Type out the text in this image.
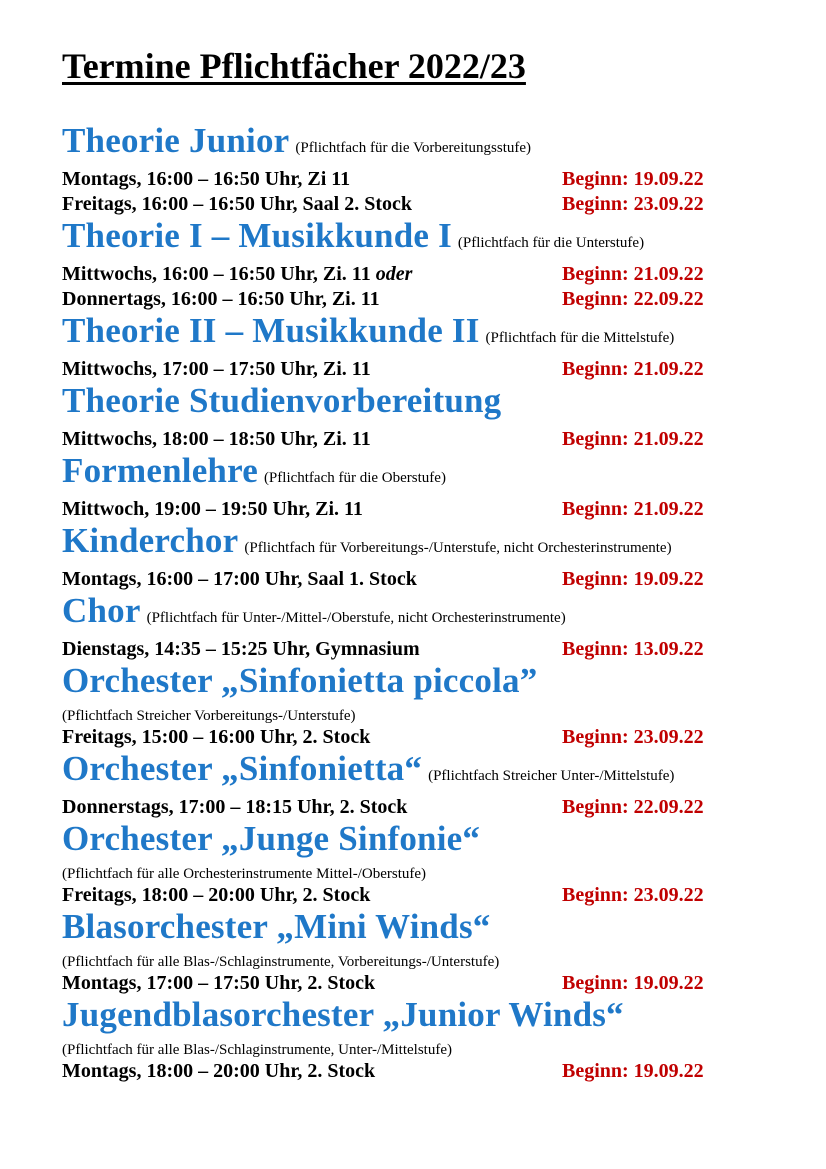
Termine Pflichtfächer 2022/23
Theorie Junior (Pflichtfach für die Vorbereitungsstufe)
Montags, 16:00 – 16:50 Uhr, Zi 11	Beginn: 19.09.22
Freitags, 16:00 – 16:50 Uhr, Saal 2. Stock	Beginn: 23.09.22
Theorie I – Musikkunde I (Pflichtfach für die Unterstufe)
Mittwochs, 16:00 – 16:50 Uhr, Zi. 11 oder	Beginn: 21.09.22
Donnertags, 16:00 – 16:50 Uhr, Zi. 11	Beginn: 22.09.22
Theorie II – Musikkunde II (Pflichtfach für die Mittelstufe)
Mittwochs, 17:00 – 17:50 Uhr, Zi. 11	Beginn: 21.09.22
Theorie Studienvorbereitung
Mittwochs, 18:00 – 18:50 Uhr, Zi. 11	Beginn: 21.09.22
Formenlehre (Pflichtfach für die Oberstufe)
Mittwoch, 19:00 – 19:50 Uhr, Zi. 11	Beginn: 21.09.22
Kinderchor (Pflichtfach für Vorbereitungs-/Unterstufe, nicht Orchesterinstrumente)
Montags, 16:00 – 17:00 Uhr, Saal 1. Stock	Beginn: 19.09.22
Chor (Pflichtfach für Unter-/Mittel-/Oberstufe, nicht Orchesterinstrumente)
Dienstags, 14:35 – 15:25 Uhr, Gymnasium	Beginn: 13.09.22
Orchester „Sinfonietta piccola”
(Pflichtfach Streicher Vorbereitungs-/Unterstufe)
Freitags, 15:00 – 16:00 Uhr, 2. Stock	Beginn: 23.09.22
Orchester „Sinfonietta“ (Pflichtfach Streicher Unter-/Mittelstufe)
Donnerstags, 17:00 – 18:15 Uhr, 2. Stock	Beginn: 22.09.22
Orchester „Junge Sinfonie“
(Pflichtfach für alle Orchesterinstrumente Mittel-/Oberstufe)
Freitags, 18:00 – 20:00 Uhr, 2. Stock	Beginn: 23.09.22
Blasorchester „Mini Winds“
(Pflichtfach für alle Blas-/Schlaginstrumente, Vorbereitungs-/Unterstufe)
Montags, 17:00 – 17:50 Uhr, 2. Stock	Beginn: 19.09.22
Jugendblasorchester „Junior Winds“
(Pflichtfach für alle Blas-/Schlaginstrumente, Unter-/Mittelstufe)
Montags, 18:00 – 20:00 Uhr, 2. Stock	Beginn: 19.09.22
